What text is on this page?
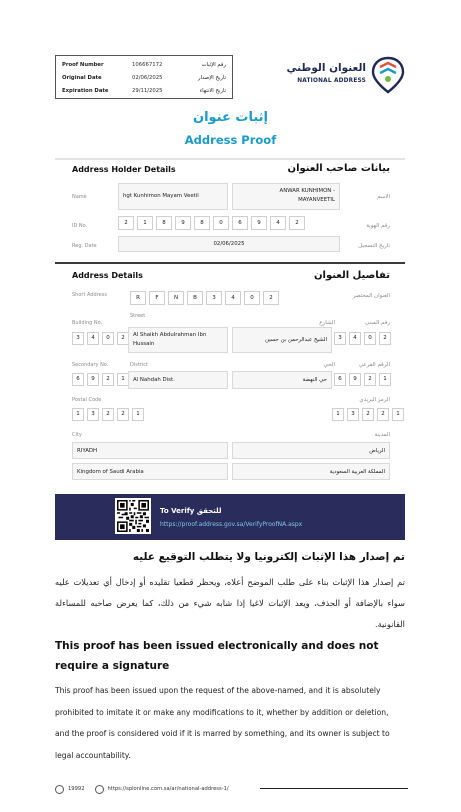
Proof Number	106667172	رقم الإثبات
Original Date	02/06/2025	تاريخ الإصدار
Expiration Date	29/11/2025	تاريخ الانتهاء
العنوان الوطني
NATIONAL ADDRESS
إثبات عنوان
Address Proof
Address Holder Details	بيانات صاحب العنوان
Name	hgt Kunhimon Mayam Veetil
ANWAR KUNHIMON -
MAYANVEETIL	الاسم
ID No.	2	1	8	9	8	0	6	9	4	2	رقم الهوية
Reg. Date	02/06/2025	تاريخ التسجيل
Address Details	تفاصيل العنوان
Short Address	R	F	N	B	3	4	0	2	العنوان المختصر
Building No.
Street
الشارع	رقم المبنى
3	4	0	2	Al Shaikh Abdulrahman Ibn
Hussain
الشيخ عبدالرحمن بن حسين	3	4	0	2
Secondary No.	District	الحي	الرقم الفرعي
6	9	2	1	Al Nahdah Dist.	حي النهضة	6	9	2	1
Postal Code	الرمز البريدي
1	3	2	2	1	1	3	2	2	1
City	المدينة
RIYADH	الرياض
Kingdom of Saudi Arabia	المملكة العربية السعودية
To Verify للتحقق
https://proof.address.gov.sa/VerifyProofNA.aspx
تم إصدار هذا الإثبات إلكترونيا ولا يتطلب التوقيع عليه
تم إصدار هذا الإثبات بناء على طلب الموضح أعلاه، ويحظر قطعيا تقليده أو إدخال أي تعديلات عليه سواء بالإضافة أو الحذف، ويعد الإثبات لاغيا إذا شابه شيء من ذلك، كما يعرض صاحبه للمساءلة القانونية.
This proof has been issued electronically and does not require a signature
This proof has been issued upon the request of the above-named, and it is absolutely prohibited to imitate it or make any modifications to it, whether by addition or deletion, and the proof is considered void if it is marred by something, and its owner is subject to legal accountability.
19992	https://splonline.com.sa/ar/national-address-1/
